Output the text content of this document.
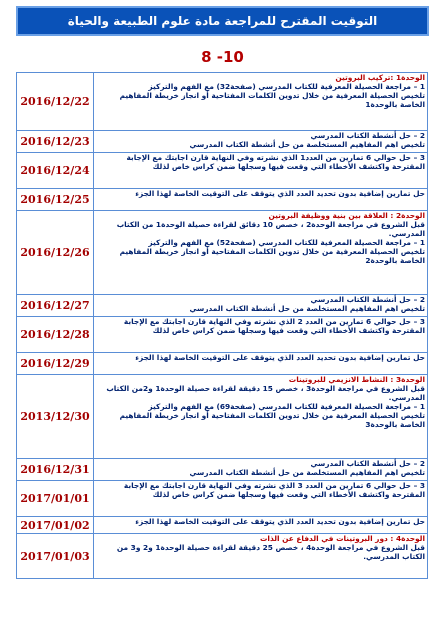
التوقيت المقترح للمراجعة مادة علوم الطبيعة والحياة
8 -10
الوحدة1 :تركيب البروتين
1 – مراجعة الحصيلة المعرفية للكتاب المدرسي (صفحة32) مع الفهم والتركيز
تلخيص الحصيلة المعرفية من خلال تدوين الكلمات المفتاحية أو انجاز خريطة المفاهيم الخاصة بالوحدة1	2016/12/22

2 – حل أنشطة الكتاب المدرسي
تلخيص اهم المفاهيم المستخلصة من حل أنشطة الكتاب المدرسي	2016/12/23

3 – حل حوالي 6 تمارين من العدد1 الذي نشرته وفي النهاية قارن اجابتك مع الإجابة المقترحة واكتشف الأخطاء التي وقعت فيها وسجلها ضمن كراس خاص لذلك	2016/12/24

حل تمارين إضافية بدون تحديد العدد الذي يتوقف على التوقيت الخاصة لهذا الجزء	2016/12/25

الوحدة2 : العلاقة بين بنية ووظيفة البروتين
قبل الشروع في مراجعة الوحدة2 ، خصص 10 دقائق لقراءة حصيلة الوحدة1 من الكتاب المدرسي.
1 – مراجعة الحصيلة المعرفية للكتاب المدرسي (صفحة52) مع الفهم والتركيز
تلخيص الحصيلة المعرفية من خلال تدوين الكلمات المفتاحية أو انجاز خريطة المفاهيم الخاصة بالوحدة2	2016/12/26

2 – حل أنشطة الكتاب المدرسي
تلخيص اهم المفاهيم المستخلصة من حل أنشطة الكتاب المدرسي	2016/12/27

3 – حل حوالي 6 تمارين من العدد 2 الذي نشرته وفي النهاية قارن اجابتك مع الإجابة المقترحة واكتشف الأخطاء التي وقعت فيها وسجلها ضمن كراس خاص لذلك	2016/12/28

حل تمارين إضافية بدون تحديد العدد الذي يتوقف على التوقيت الخاصة لهذا الجزء	2016/12/29

الوحدة3 : النشاط الانزيمي للبروتينات
قبل الشروع في مراجعة الوحدة3 ، خصص 15 دقيقة لقراءة حصيلة الوحدة1 و2من الكتاب المدرسي.
1 – مراجعة الحصيلة المعرفية للكتاب المدرسي (صفحة69) مع الفهم والتركيز
تلخيص الحصيلة المعرفية من خلال تدوين الكلمات المفتاحية أو انجاز خريطة المفاهيم الخاصة بالوحدة3	2013/12/30

2 – حل أنشطة الكتاب المدرسي
تلخيص اهم المفاهيم المستخلصة من حل أنشطة الكتاب المدرسي	2016/12/31

3 – حل حوالي 6 تمارين من العدد 3 الذي نشرته وفي النهاية قارن اجابتك مع الإجابة المقترحة واكتشف الأخطاء التي وقعت فيها وسجلها ضمن كراس خاص لذلك	2017/01/01

حل تمارين إضافية بدون تحديد العدد الذي يتوقف على التوقيت الخاصة لهذا الجزء	2017/01/02

الوحدة4 : دور البروتينات في الدفاع عن الذات
قبل الشروع في مراجعة الوحدة4 ، خصص 25 دقيقة لقراءة حصيلة الوحدة1 و2 و3 من الكتاب المدرسي.	2017/01/03
